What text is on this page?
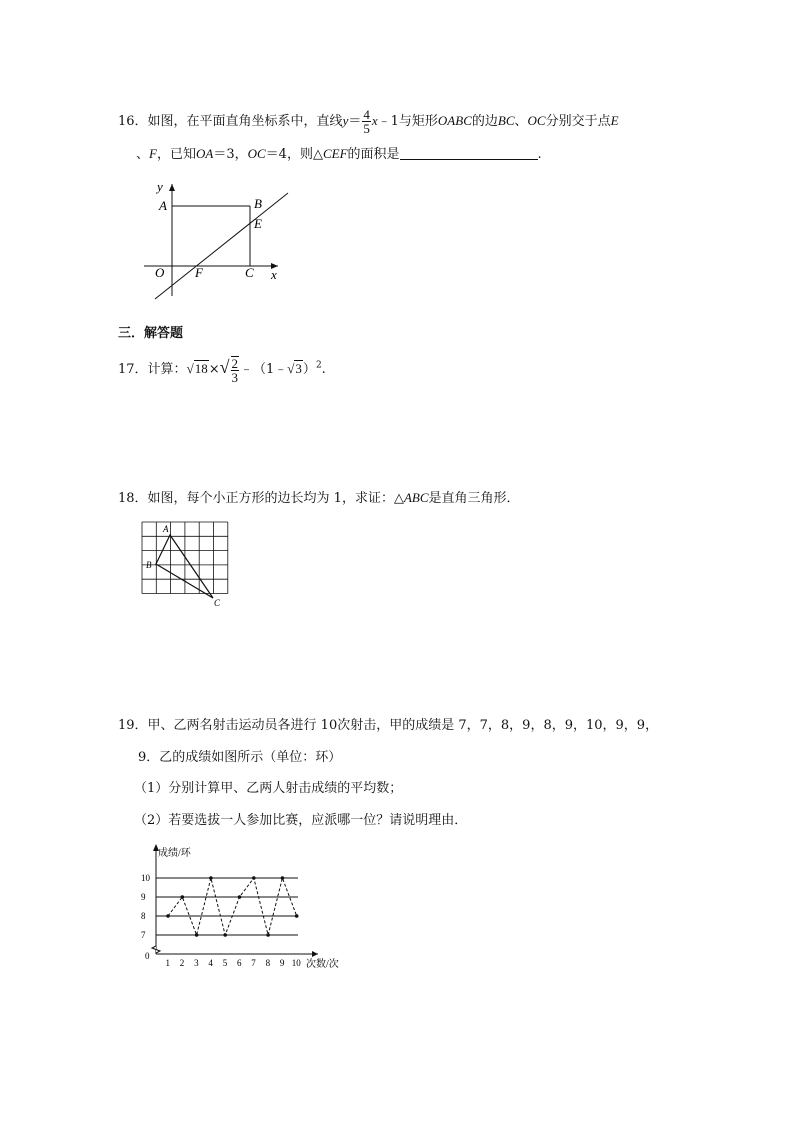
16．如图，在平面直角坐标系中，直线$y= \frac{4}{5}$ x﹣1与矩形OABC的边BC、OC分别交于点E
、F，已知OA＝3，OC＝4，则△CEF的面积是	.
y
A	B
E
O F	C x
三．解答题
17．计算：$√18\times√ \frac{2}{3}$ ﹣（1﹣√3）$^2$.
18．如图，每个小正方形的边长均为 1，求证：△ABC是直角三角形．
A
B
C
19．甲、乙两名射击运动员各进行 10次射击，甲的成绩是 7，7，8，9，8，9，10，9，9，
9．乙的成绩如图所示（单位：环）
（1）分别计算甲、乙两人射击成绩的平均数；
（2）若要选拔一人参加比赛，应派哪一位？请说明理由．
7
8
9
10
1 2 3 4 5 6 7 8 9 10
成绩/环
次数/次
0
